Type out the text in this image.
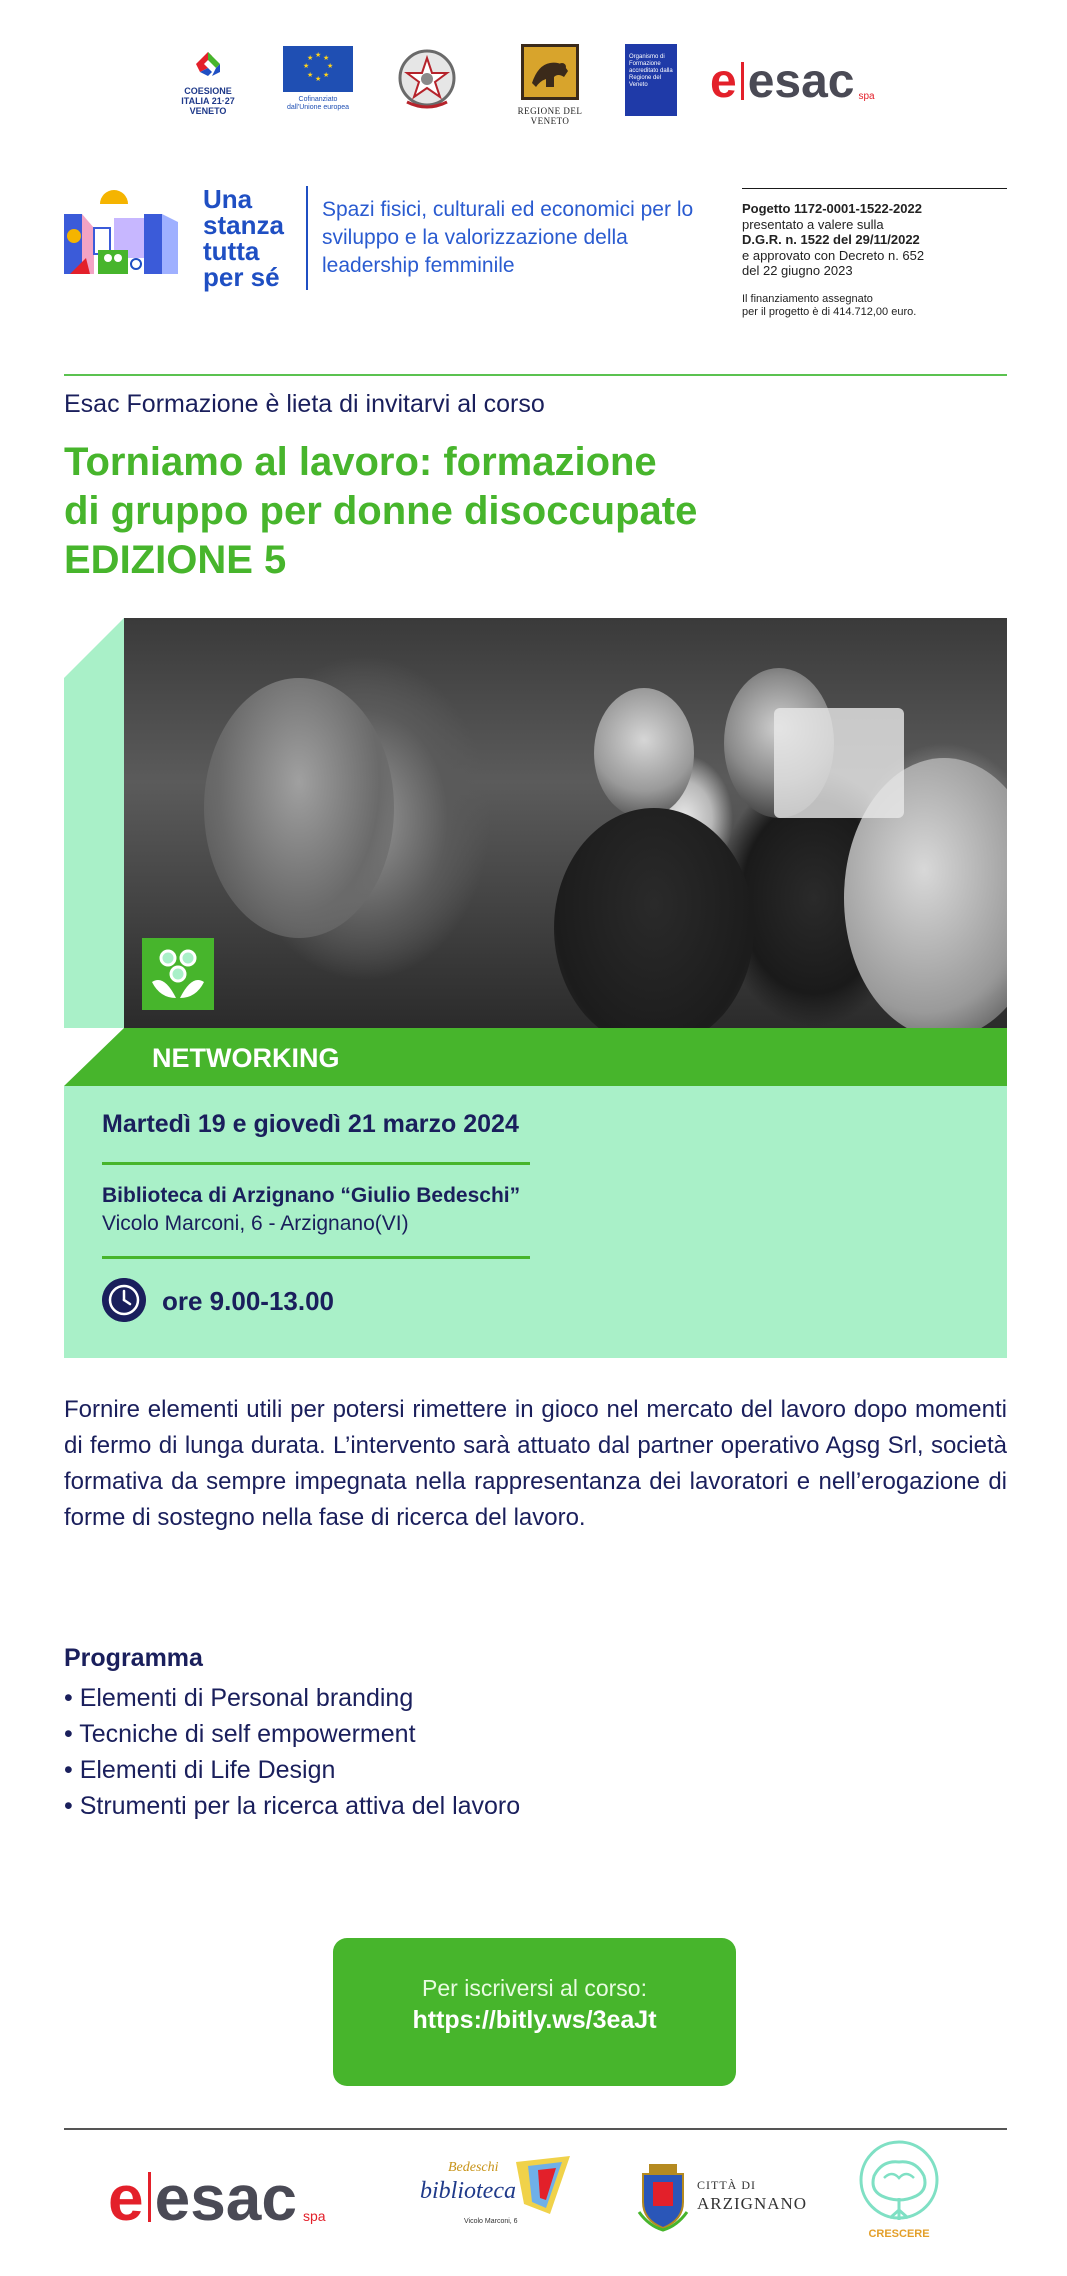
COESIONE ITALIA 21·27 VENETO
★ ★
★
★
★
★
★
★
Cofinanziato dall'Unione europea	REGIONE DEL VENETO
Organismo di Formazione accreditato dalla Regione del Veneto	e esac spa
Una stanza tutta per sé
Spazi fisici, culturali ed economici per lo sviluppo e la valorizzazione della leadership femminile
Pogetto 1172-0001-1522-2022
presentato a valere sulla
D.G.R. n. 1522 del 29/11/2022
e approvato con Decreto n. 652
del 22 giugno 2023
Il finanziamento assegnato
per il progetto è di 414.712,00 euro.
Esac Formazione è lieta di invitarvi al corso
Torniamo al lavoro: formazione
di gruppo per donne disoccupate
EDIZIONE 5
NETWORKING
Martedì 19 e giovedì 21 marzo 2024
Biblioteca di Arzignano “Giulio Bedeschi”
Vicolo Marconi, 6 - Arzignano(VI)
ore 9.00-13.00

Fornire elementi utili per potersi rimettere in gioco nel mercato del lavoro dopo momenti di fermo di lunga durata. L’intervento sarà attuato dal partner operativo Agsg Srl, società formativa da sempre impegnata nella rappresentanza dei lavoratori e nell’erogazione di forme di sostegno nella fase di ricerca del lavoro.

Programma
• Elementi di Personal branding
• Tecniche di self empowerment
• Elementi di Life Design
• Strumenti per la ricerca attiva del lavoro
Per iscriversi al corso:
https://bitly.ws/3eaJt
e esac spa
Bedeschi
biblioteca
Vicolo Marconi, 6
CITTÀ DI
ARZIGNANO
CRESCERE
